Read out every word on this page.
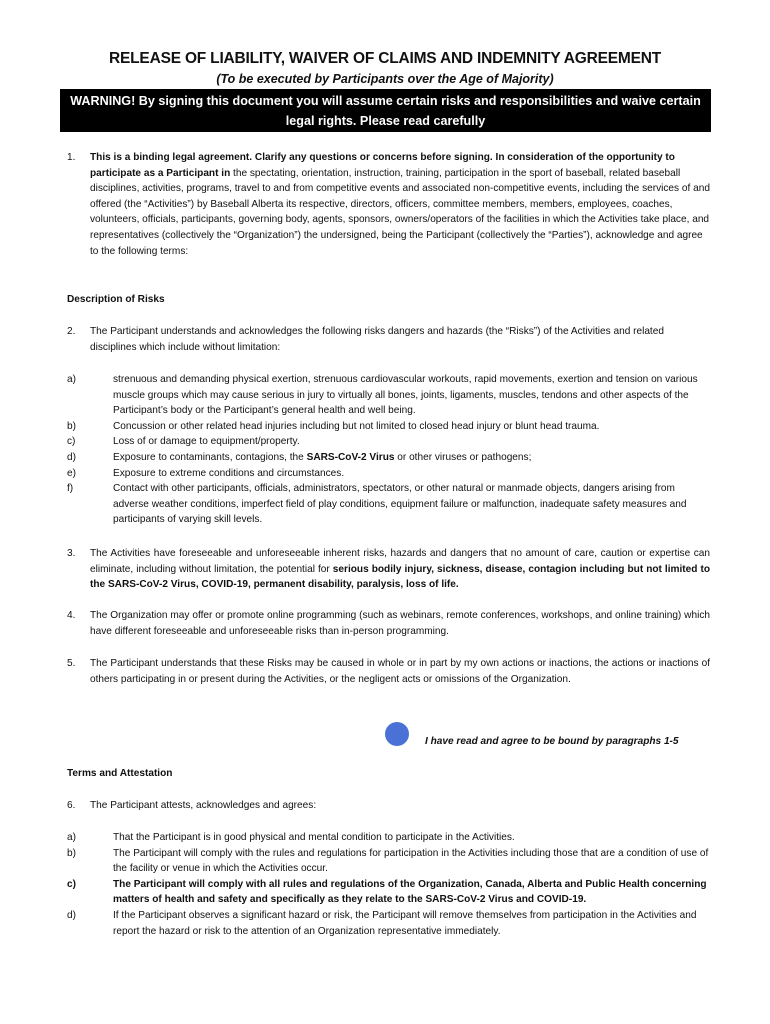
RELEASE OF LIABILITY, WAIVER OF CLAIMS AND INDEMNITY AGREEMENT
(To be executed by Participants over the Age of Majority)
WARNING! By signing this document you will assume certain risks and responsibilities and waive certain
legal rights. Please read carefully
1. This is a binding legal agreement. Clarify any questions or concerns before signing. In consideration of the opportunity to participate as a Participant in the spectating, orientation, instruction, training, participation in the sport of baseball, related baseball disciplines, activities, programs, travel to and from competitive events and associated non-competitive events, including the services of and offered (the “Activities”) by Baseball Alberta its respective, directors, officers, committee members, members, employees, coaches, volunteers, officials, participants, governing body, agents, sponsors, owners/operators of the facilities in which the Activities take place, and representatives (collectively the “Organization”) the undersigned, being the Participant (collectively the “Parties”), acknowledge and agree to the following terms:
Description of Risks
2. The Participant understands and acknowledges the following risks dangers and hazards (the “Risks”) of the Activities and related disciplines which include without limitation:
a)	strenuous and demanding physical exertion, strenuous cardiovascular workouts, rapid movements, exertion and tension on various muscle groups which may cause serious in jury to virtually all bones, joints, ligaments, muscles, tendons and other aspects of the Participant’s body or the Participant’s general health and well being.
b)	Concussion or other related head injuries including but not limited to closed head injury or blunt head trauma.
c)	Loss of or damage to equipment/property.
d)	Exposure to contaminants, contagions, the SARS-CoV-2 Virus or other viruses or pathogens;
e)	Exposure to extreme conditions and circumstances.
f)	Contact with other participants, officials, administrators, spectators, or other natural or manmade objects, dangers arising from adverse weather conditions, imperfect field of play conditions, equipment failure or malfunction, inadequate safety measures and participants of varying skill levels.
3. The Activities have foreseeable and unforeseeable inherent risks, hazards and dangers that no amount of care, caution or expertise can eliminate, including without limitation, the potential for serious bodily injury, sickness, disease, contagion including but not limited to the SARS-CoV-2 Virus, COVID-19, permanent disability, paralysis, loss of life.
4. The Organization may offer or promote online programming (such as webinars, remote conferences, workshops, and online training) which have different foreseeable and unforeseeable risks than in-person programming.
5. The Participant understands that these Risks may be caused in whole or in part by my own actions or inactions, the actions or inactions of others participating in or present during the Activities, or the negligent acts or omissions of the Organization.
I have read and agree to be bound by paragraphs 1-5
Terms and Attestation
6. The Participant attests, acknowledges and agrees:
a)	That the Participant is in good physical and mental condition to participate in the Activities.
b)	The Participant will comply with the rules and regulations for participation in the Activities including those that are a condition of use of the facility or venue in which the Activities occur.
c)	The Participant will comply with all rules and regulations of the Organization, Canada, Alberta and Public Health concerning matters of health and safety and specifically as they relate to the SARS-CoV-2 Virus and COVID-19.
d)	If the Participant observes a significant hazard or risk, the Participant will remove themselves from participation in the Activities and report the hazard or risk to the attention of an Organization representative immediately.
